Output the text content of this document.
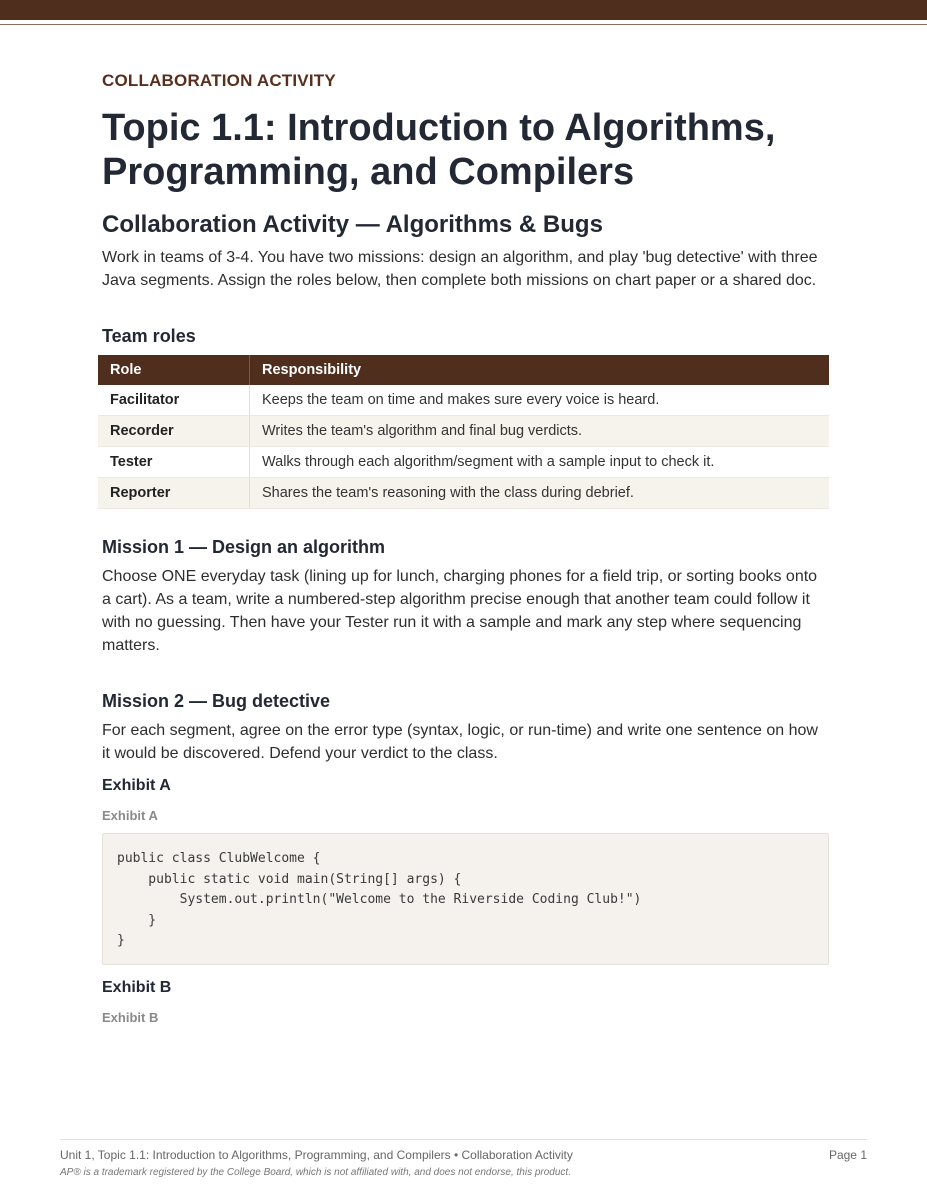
COLLABORATION ACTIVITY

Topic 1.1: Introduction to Algorithms, Programming, and Compilers
Collaboration Activity — Algorithms & Bugs

Work in teams of 3-4. You have two missions: design an algorithm, and play 'bug detective' with three Java segments. Assign the roles below, then complete both missions on chart paper or a shared doc.

Team roles
Role	Responsibility
Facilitator	Keeps the team on time and makes sure every voice is heard.
Recorder	Writes the team's algorithm and final bug verdicts.
Tester	Walks through each algorithm/segment with a sample input to check it.
Reporter	Shares the team's reasoning with the class during debrief.
Mission 1 — Design an algorithm

Choose ONE everyday task (lining up for lunch, charging phones for a field trip, or sorting books onto a cart). As a team, write a numbered-step algorithm precise enough that another team could follow it with no guessing. Then have your Tester run it with a sample and mark any step where sequencing matters.

Mission 2 — Bug detective

For each segment, agree on the error type (syntax, logic, or run-time) and write one sentence on how it would be discovered. Defend your verdict to the class.

Exhibit A

Exhibit A

public class ClubWelcome {
public static void main(String[] args) {
System.out.println("Welcome to the Riverside Coding Club!")
}
}

Exhibit B

Exhibit B

Unit 1, Topic 1.1: Introduction to Algorithms, Programming, and Compilers • Collaboration Activity	Page 1
AP® is a trademark registered by the College Board, which is not affiliated with, and does not endorse, this product.
